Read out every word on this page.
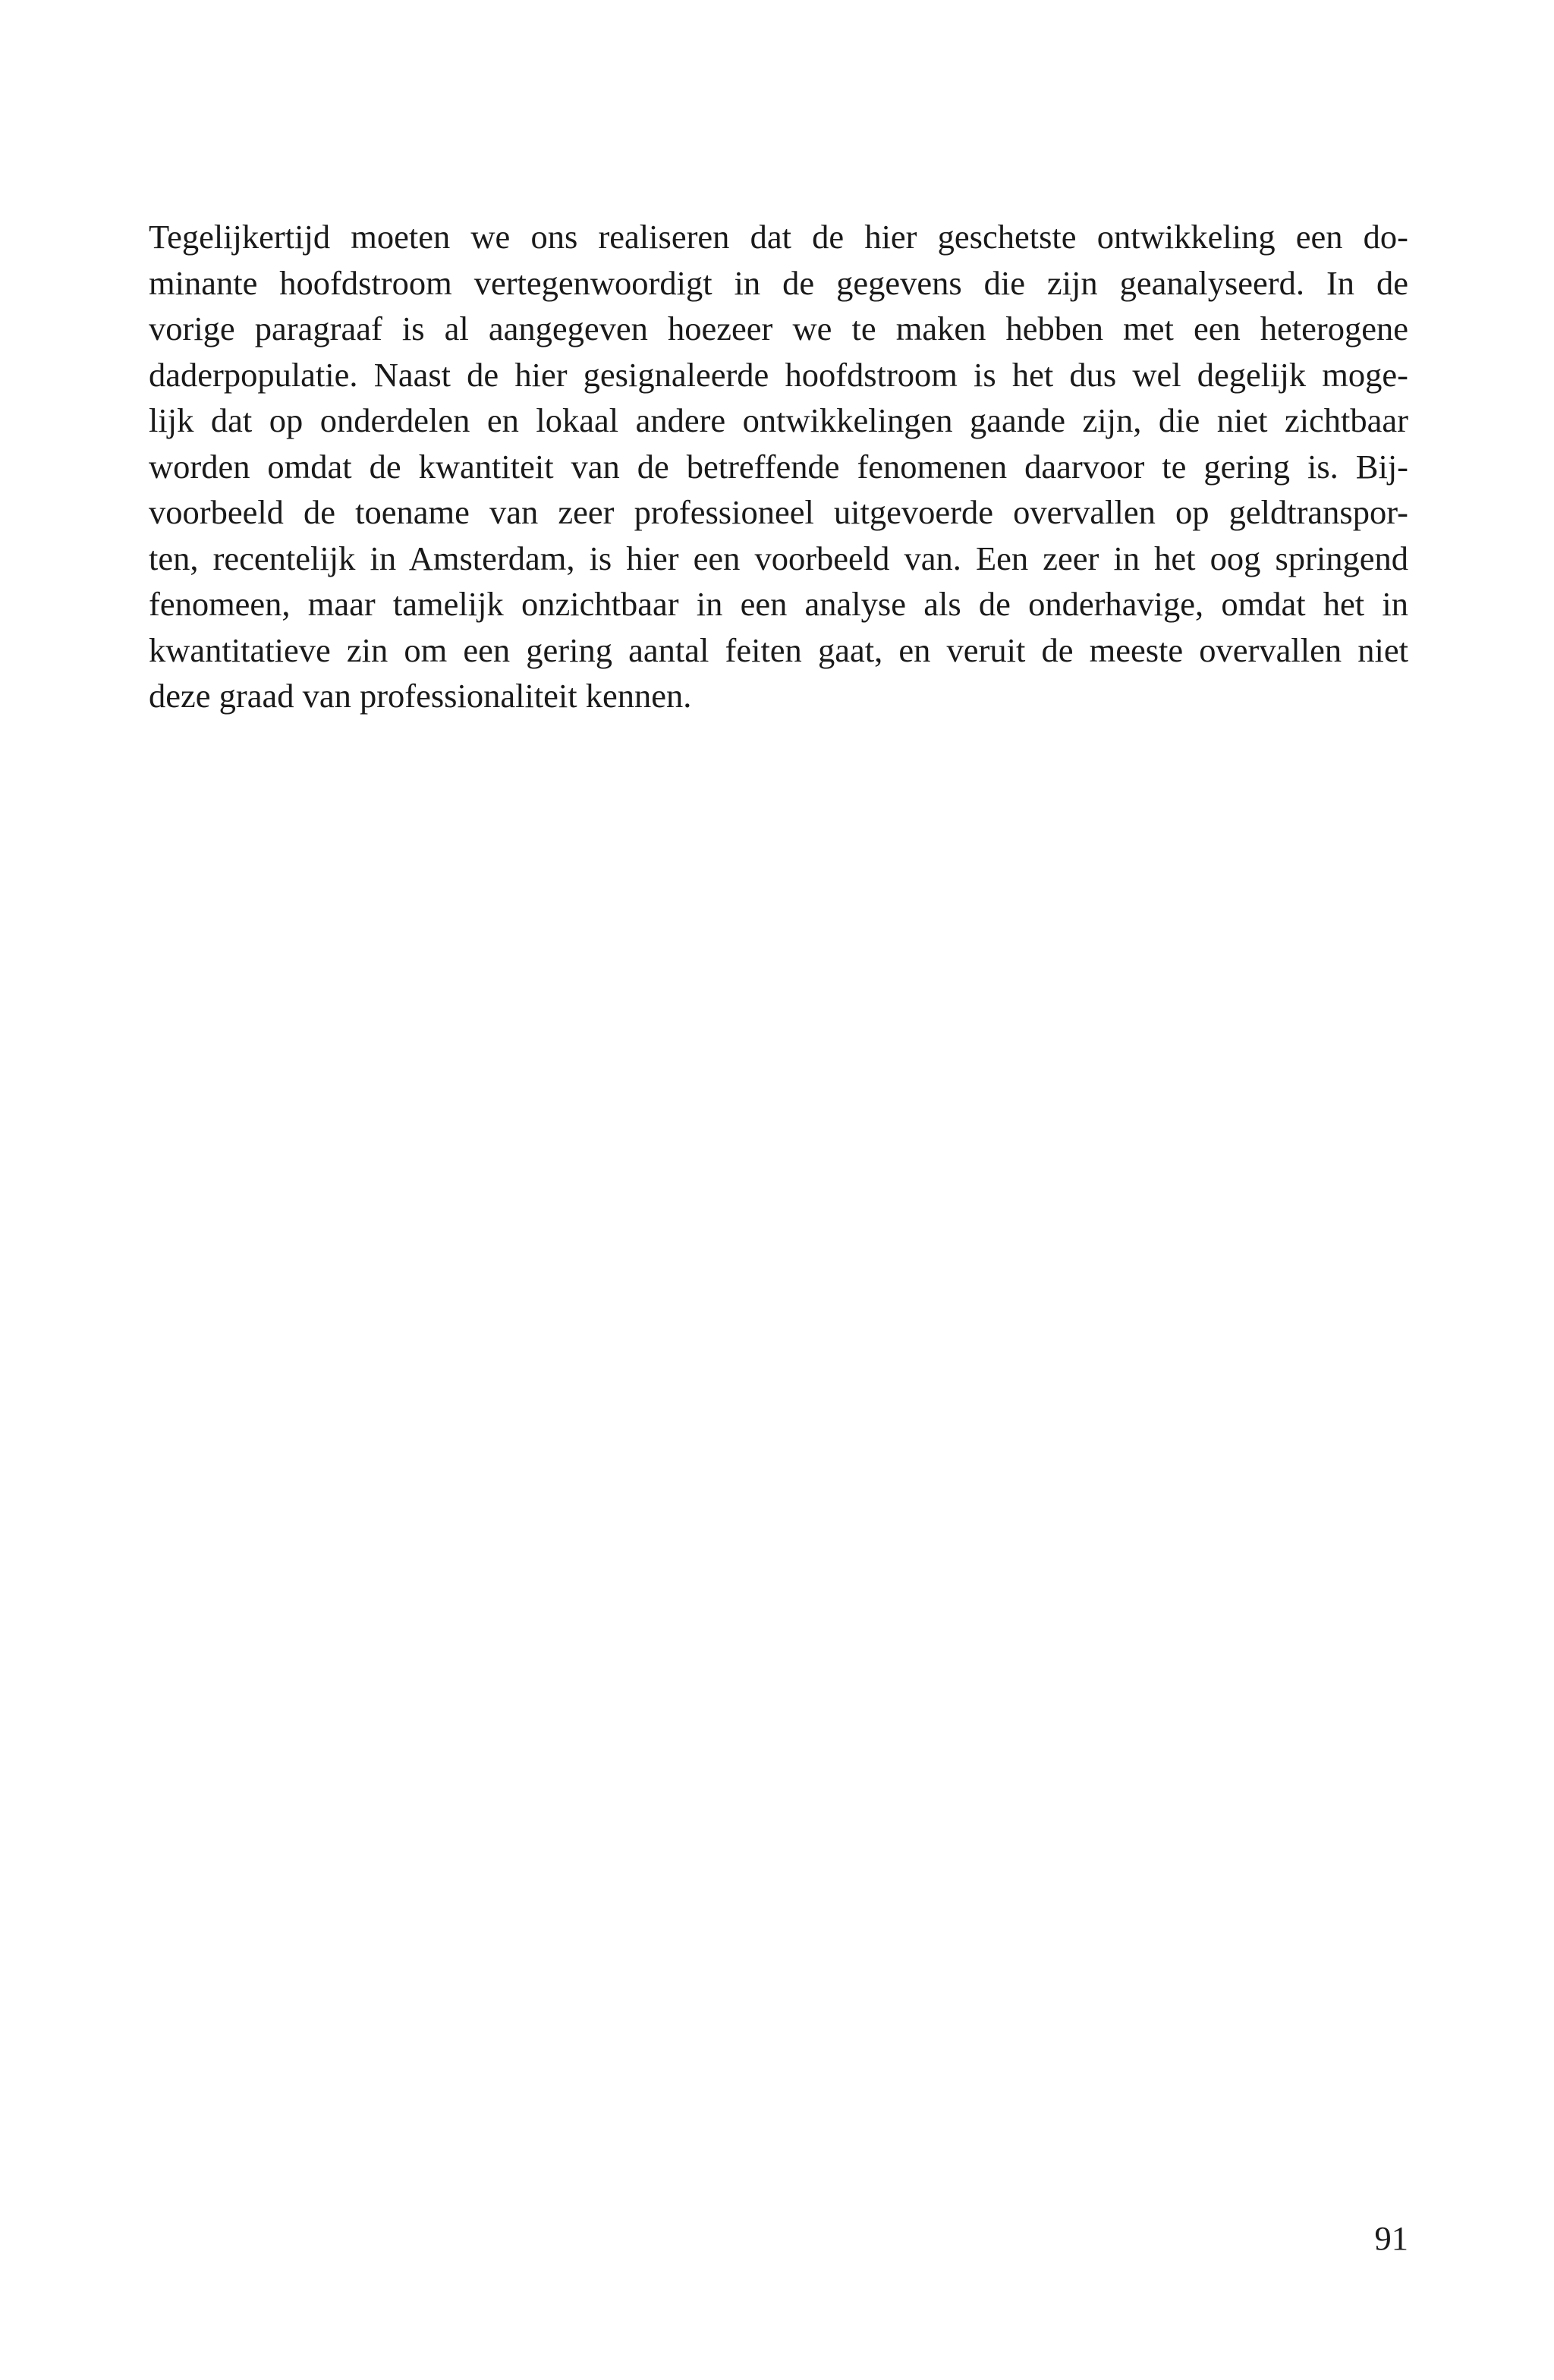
Tegelijkertijd moeten we ons realiseren dat de hier geschetste ontwikkeling een do-
minante hoofdstroom vertegenwoordigt in de gegevens die zijn geanalyseerd. In de
vorige paragraaf is al aangegeven hoezeer we te maken hebben met een heterogene
daderpopulatie. Naast de hier gesignaleerde hoofdstroom is het dus wel degelijk moge-
lijk dat op onderdelen en lokaal andere ontwikkelingen gaande zijn, die niet zichtbaar
worden omdat de kwantiteit van de betreffende fenomenen daarvoor te gering is. Bij-
voorbeeld de toename van zeer professioneel uitgevoerde overvallen op geldtranspor-
ten, recentelijk in Amsterdam, is hier een voorbeeld van. Een zeer in het oog springend
fenomeen, maar tamelijk onzichtbaar in een analyse als de onderhavige, omdat het in
kwantitatieve zin om een gering aantal feiten gaat, en veruit de meeste overvallen niet
deze graad van professionaliteit kennen.
91
